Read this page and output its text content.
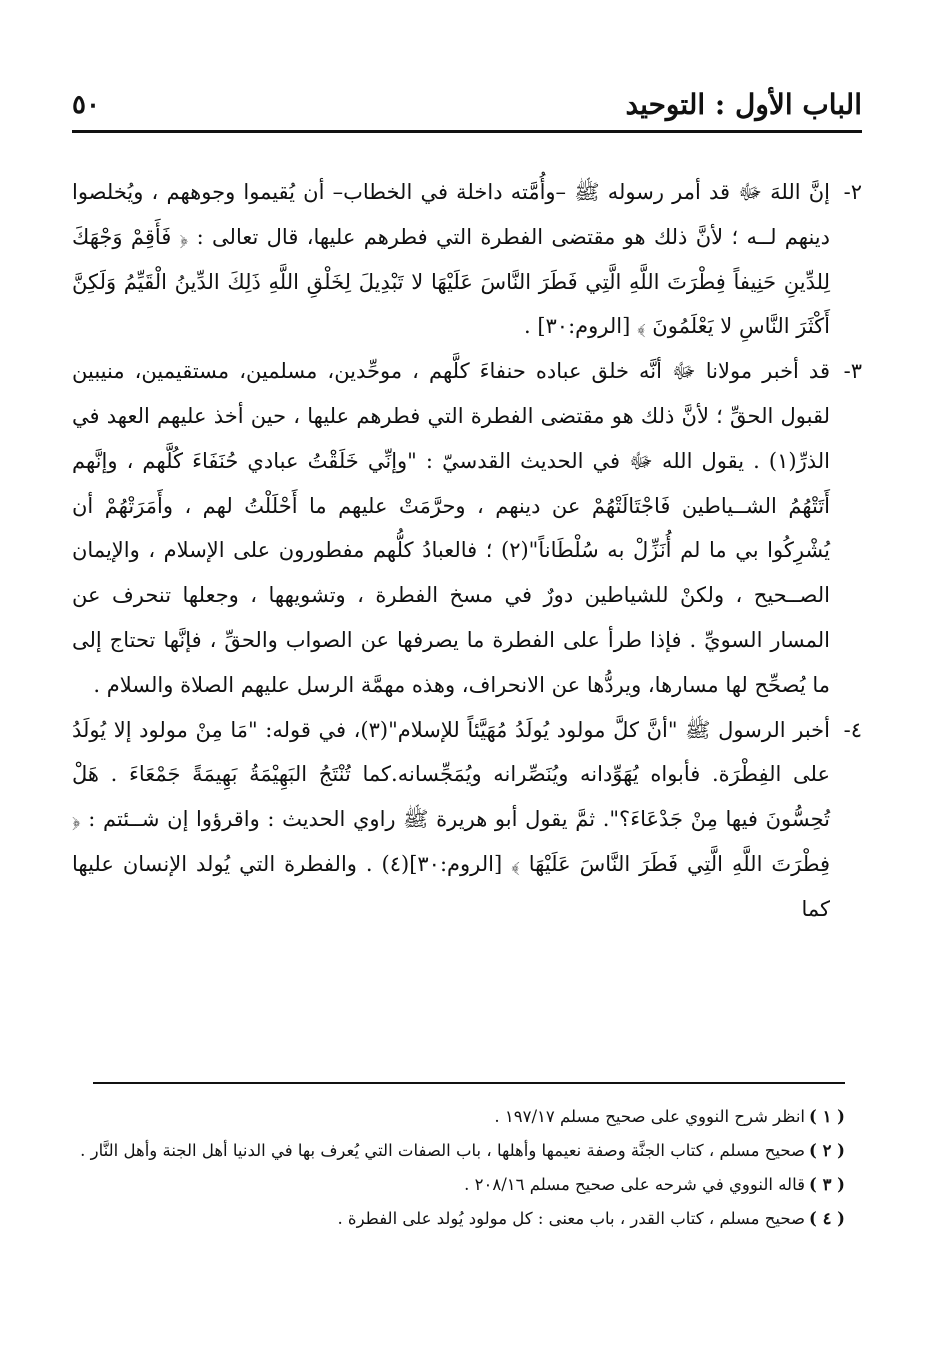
الباب الأول : التوحيد
٥٠
٢-

إنَّ اللهَ ﷻ قد أمر رسوله ﷺ –وأُمَّته داخلة في الخطاب– أن يُقيموا وجوههم ، ويُخلصوا دينهم لــه ؛ لأنَّ ذلك هو مقتضى الفطرة التي فطرهم عليها، قال تعالى : ﴿ فَأَقِمْ وَجْهَكَ لِلدِّينِ حَنِيفاً فِطْرَتَ اللَّهِ الَّتِي فَطَرَ النَّاسَ عَلَيْهَا لا تَبْدِيلَ لِخَلْقِ اللَّهِ ذَلِكَ الدِّينُ الْقَيِّمُ وَلَكِنَّ أَكْثَرَ النَّاسِ لا يَعْلَمُونَ ﴾ [الروم:٣٠] .

٣-

قد أخبر مولانا ﷻ أنَّه خلق عباده حنفاءَ كلَّهم ، موحِّدين، مسلمين، مستقيمين، منيبين لقبول الحقِّ ؛ لأنَّ ذلك هو مقتضى الفطرة التي فطرهم عليها ، حين أخذ عليهم العهد في الذرِّ(١) . يقول الله ﷻ في الحديث القدسيّ : "وإنِّي خَلَقْتُ عبادي حُنَفَاءَ كُلَّهم ، وإنَّهم أَتَتْهُمُ الشــياطين فَاجْتَالَتْهُمْ عن دينهم ، وحرَّمَتْ عليهم ما أَحْلَلْتُ لهم ، وأَمَرَتْهُمْ أن يُشْرِكُوا بي ما لم أُنَزِّلْ به سُلْطَاناً"(٢) ؛ فالعبادُ كلُّهم مفطورون على الإسلام ، والإيمان الصــحيح ، ولكنْ للشياطين دورٌ في مسخ الفطرة ، وتشويهها ، وجعلها تنحرف عن المسار السويِّ . فإذا طرأ على الفطرة ما يصرفها عن الصواب والحقِّ ، فإنَّها تحتاج إلى ما يُصحِّح لها مسارها، ويردُّها عن الانحراف، وهذه مهمَّة الرسل عليهم الصلاة والسلام .

٤-

أخبر الرسول ﷺ "أنَّ كلَّ مولود يُولَدُ مُهَيَّئاً للإسلام"(٣)، في قوله: "مَا مِنْ مولود إلا يُولَدُ على الفِطْرَة. فأبواه يُهَوِّدانه ويُنَصِّرانه ويُمَجِّسانه.كما تُنْتَجُ البَهِيْمَةُ بَهِيمَةً جَمْعَاءَ . هَلْ تُحِسُّونَ فيها مِنْ جَدْعَاءَ؟". ثمَّ يقول أبو هريرة ﷺ راوي الحديث : واقرؤوا إن شــئتم : ﴿ فِطْرَتَ اللَّهِ الَّتِي فَطَرَ النَّاسَ عَلَيْهَا ﴾ [الروم:٣٠](٤) . والفطرة التي يُولد الإنسان عليها كما

( ١ )
انظر شرح النووي على صحيح مسلم ١٩٧/١٧ .
( ٢ )
صحيح مسلم ، كتاب الجنَّة وصفة نعيمها وأهلها ، باب الصفات التي يُعرف بها في الدنيا أهل الجنة وأهل النَّار .
( ٣ )
قاله النووي في شرحه على صحيح مسلم ٢٠٨/١٦ .
( ٤ )
صحيح مسلم ، كتاب القدر ، باب معنى : كل مولود يُولد على الفطرة .
